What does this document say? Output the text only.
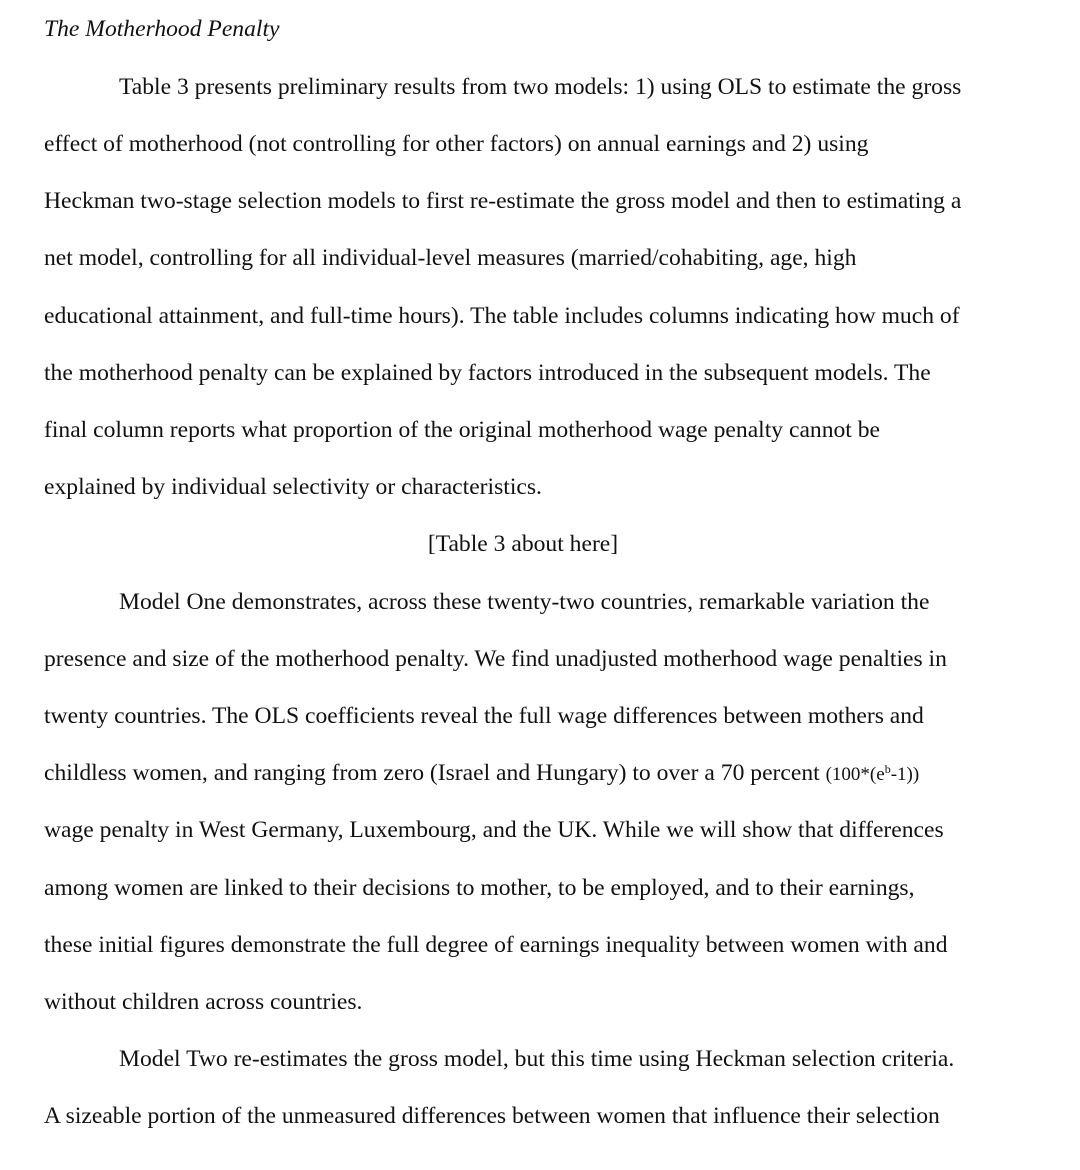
The Motherhood Penalty
Table 3 presents preliminary results from two models: 1) using OLS to estimate the gross
effect of motherhood (not controlling for other factors) on annual earnings and 2) using
Heckman two-stage selection models to first re-estimate the gross model and then to estimating a
net model, controlling for all individual-level measures (married/cohabiting, age, high
educational attainment, and full-time hours). The table includes columns indicating how much of
the motherhood penalty can be explained by factors introduced in the subsequent models. The
final column reports what proportion of the original motherhood wage penalty cannot be
explained by individual selectivity or characteristics.
[Table 3 about here]
Model One demonstrates, across these twenty-two countries, remarkable variation the
presence and size of the motherhood penalty. We find unadjusted motherhood wage penalties in
twenty countries. The OLS coefficients reveal the full wage differences between mothers and
childless women, and ranging from zero (Israel and Hungary) to over a 70 percent $(100*(e^b-1))$
wage penalty in West Germany, Luxembourg, and the UK. While we will show that differences
among women are linked to their decisions to mother, to be employed, and to their earnings,
these initial figures demonstrate the full degree of earnings inequality between women with and
without children across countries.
Model Two re-estimates the gross model, but this time using Heckman selection criteria.
A sizeable portion of the unmeasured differences between women that influence their selection
